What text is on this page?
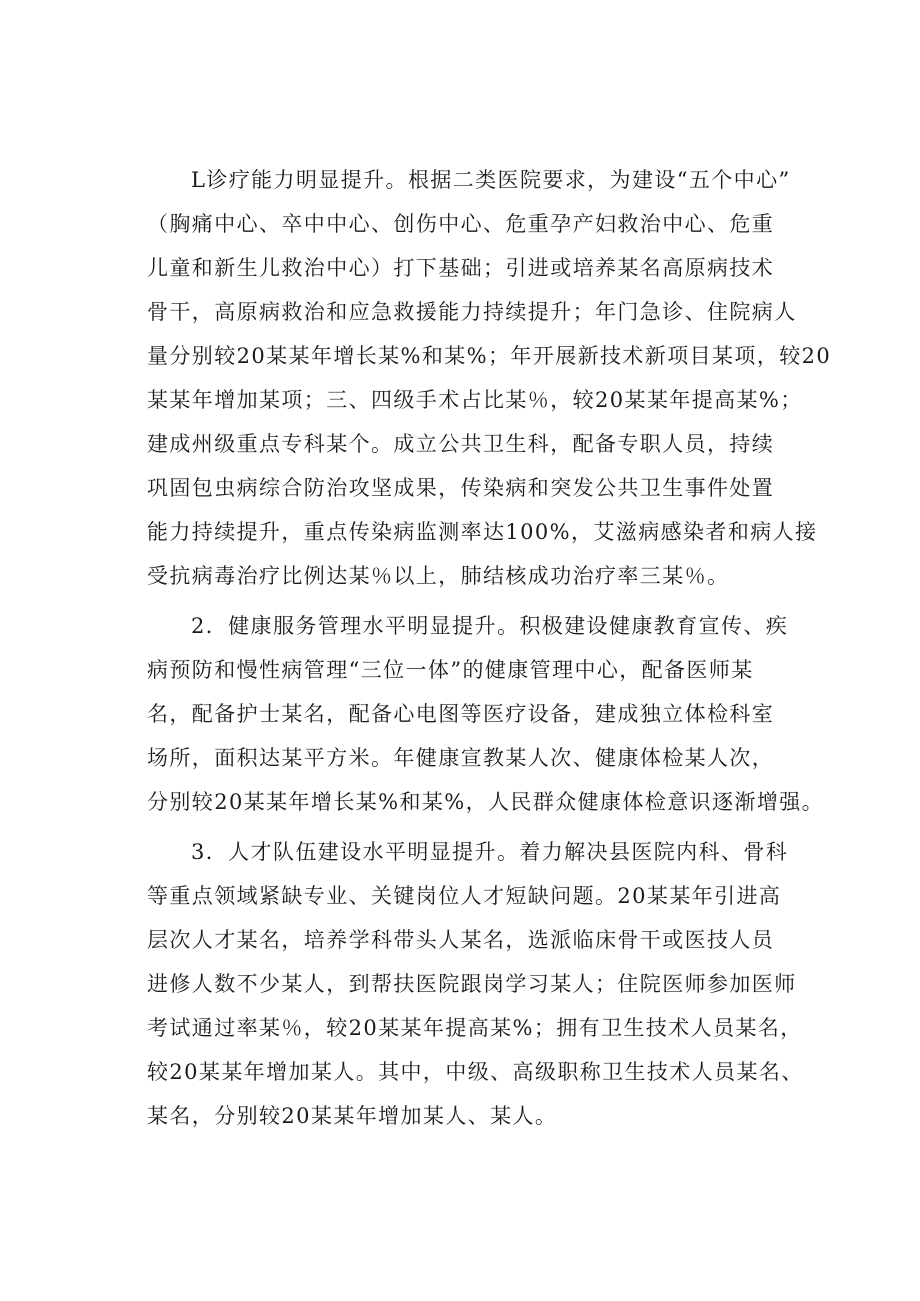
L诊疗能力明显提升。根据二类医院要求，为建设“五个中心”
（胸痛中心、卒中中心、创伤中心、危重孕产妇救治中心、危重
儿童和新生儿救治中心）打下基础；引进或培养某名高原病技术
骨干，高原病救治和应急救援能力持续提升；年门急诊、住院病人
量分别较20某某年增长某%和某%；年开展新技术新项目某项，较20
某某年增加某项；三、四级手术占比某％，较20某某年提高某%；
建成州级重点专科某个。成立公共卫生科，配备专职人员，持续
巩固包虫病综合防治攻坚成果，传染病和突发公共卫生事件处置
能力持续提升，重点传染病监测率达100%，艾滋病感染者和病人接
受抗病毒治疗比例达某％以上，肺结核成功治疗率三某％。
2．健康服务管理水平明显提升。积极建设健康教育宣传、疾
病预防和慢性病管理“三位一体”的健康管理中心，配备医师某
名，配备护士某名，配备心电图等医疗设备，建成独立体检科室
场所，面积达某平方米。年健康宣教某人次、健康体检某人次，
分别较20某某年增长某%和某%，人民群众健康体检意识逐渐增强。
3．人才队伍建设水平明显提升。着力解决县医院内科、骨科
等重点领域紧缺专业、关键岗位人才短缺问题。20某某年引进高
层次人才某名，培养学科带头人某名，选派临床骨干或医技人员
进修人数不少某人，到帮扶医院跟岗学习某人；住院医师参加医师
考试通过率某％，较20某某年提高某%；拥有卫生技术人员某名，
较20某某年增加某人。其中，中级、高级职称卫生技术人员某名、
某名，分别较20某某年增加某人、某人。
